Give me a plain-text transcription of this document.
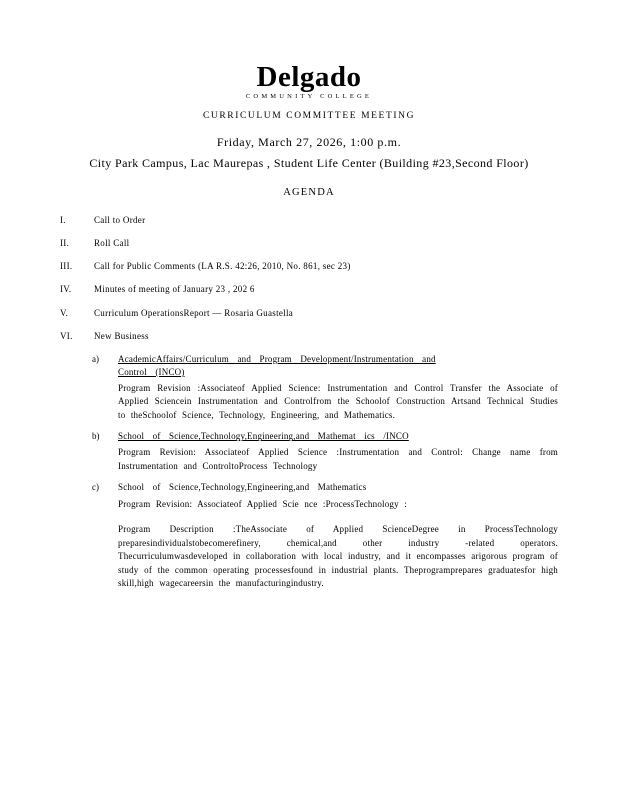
Delgado
COMMUNITY COLLEGE
CURRICULUM COMMITTEE MEETING
Friday, March 27, 2026, 1:00 p.m.
City Park Campus, Lac Maurepas , Student Life Center (Building #23,Second Floor)
AGENDA
I.	Call to Order
II.	Roll Call
III.	Call for Public Comments (LA R.S. 42:26, 2010, No. 861, sec 23)
IV.	Minutes of meeting of January 23 , 202 6
V.	Curriculum OperationsReport — Rosaria Guastella
VI.	New Business
a)	AcademicAffairs/Curriculum and Program Development/Instrumentation and
Control (INCO)
Program Revision :Associateof Applied Science: Instrumentation and Control Transfer the Associate of Applied Sciencein Instrumentation and Controlfrom the Schoolof Construction Artsand Technical Studies to theSchoolof Science, Technology, Engineering, and Mathematics.
b)	School of Science,Technology,Engineering,and Mathemat ics /INCO
Program Revision: Associateof Applied Science :Instrumentation and Control: Change name from Instrumentation and ControltoProcess Technology
c)	School of Science,Technology,Engineering,and Mathematics
Program Revision: Associateof Applied Scie nce :ProcessTechnology :
Program Description :TheAssociate of Applied ScienceDegree in ProcessTechnology preparesindividualstobecomerefinery, chemical,and other industry -related operators. Thecurriculumwasdeveloped in collaboration with local industry, and it encompasses arigorous program of study of the common operating processesfound in industrial plants. Theprogramprepares graduatesfor high skill,high wagecareersin the manufacturingindustry.
